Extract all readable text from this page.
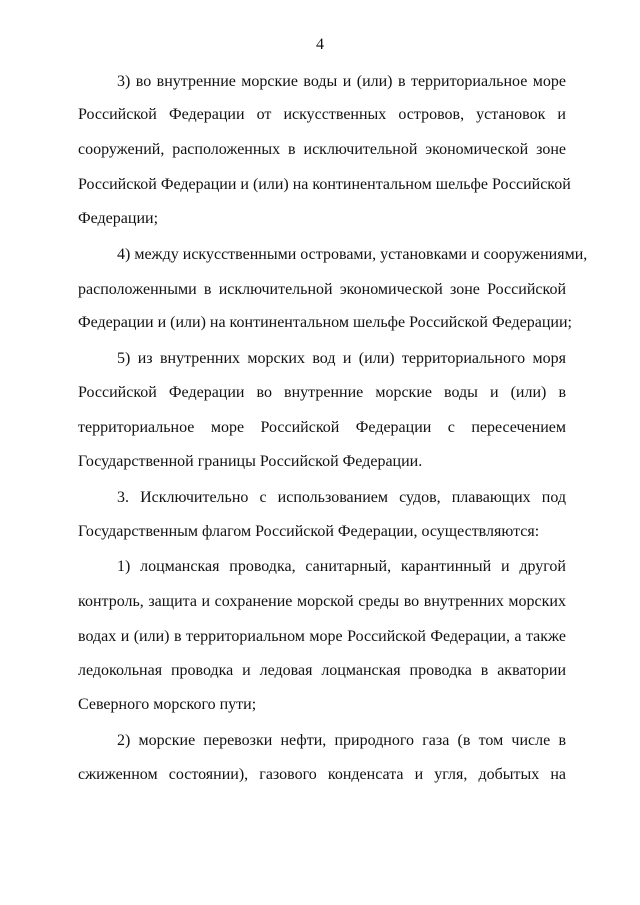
4
3) во внутренние морские воды и (или) в территориальное море
Российской Федерации от искусственных островов, установок и
сооружений, расположенных в исключительной экономической зоне
Российской Федерации и (или) на континентальном шельфе Российской
Федерации;
4) между искусственными островами, установками и сооружениями,
расположенными в исключительной экономической зоне Российской
Федерации и (или) на континентальном шельфе Российской Федерации;
5) из внутренних морских вод и (или) территориального моря
Российской Федерации во внутренние морские воды и (или) в
территориальное море Российской Федерации с пересечением
Государственной границы Российской Федерации.
3. Исключительно с использованием судов, плавающих под
Государственным флагом Российской Федерации, осуществляются:
1) лоцманская проводка, санитарный, карантинный и другой
контроль, защита и сохранение морской среды во внутренних морских
водах и (или) в территориальном море Российской Федерации, а также
ледокольная проводка и ледовая лоцманская проводка в акватории
Северного морского пути;
2) морские перевозки нефти, природного газа (в том числе в
сжиженном состоянии), газового конденсата и угля, добытых на
